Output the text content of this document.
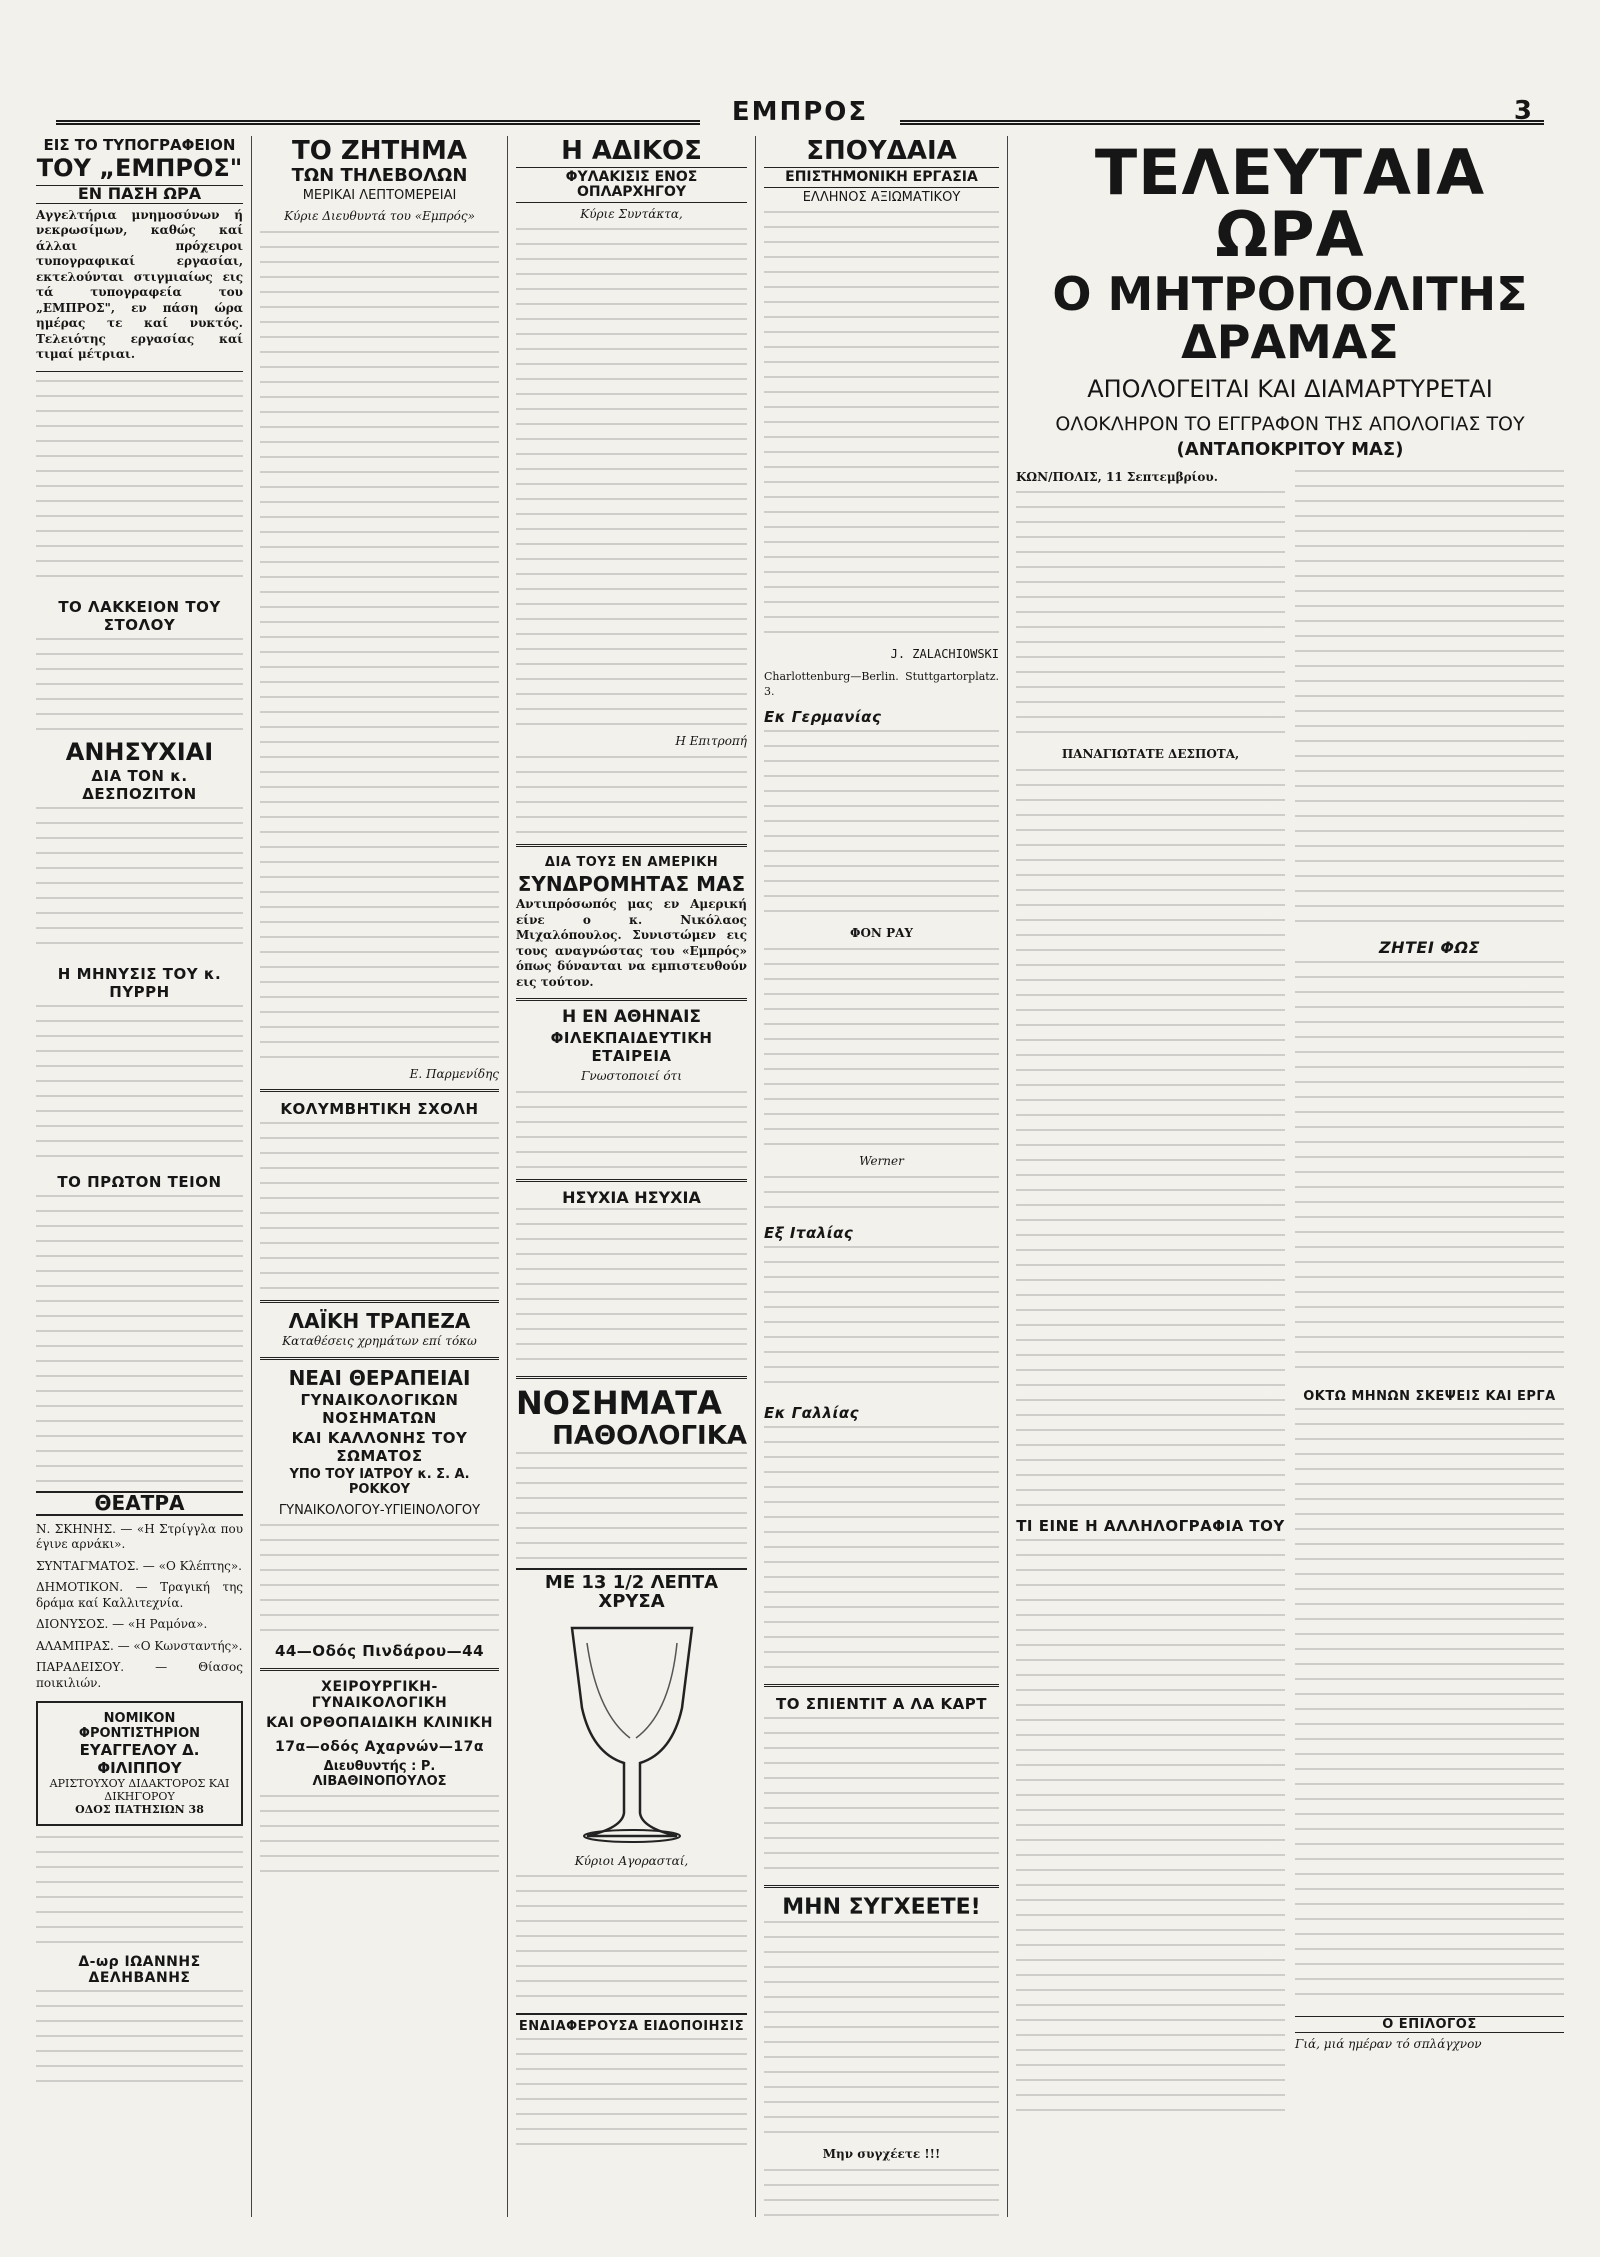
ΕΜΠΡΟΣ	3
ΕΙΣ ΤΟ ΤΥΠΟΓΡΑΦΕΙΟΝ
ΤΟΥ „ΕΜΠΡΟΣ"
ΕΝ ΠΑΣΗ ΩΡΑ

Αγγελτήρια μνημοσύνων ή νεκρωσίμων, καθώς καί άλλαι πρόχειροι τυπογραφικαί εργασίαι, εκτελούνται στιγμιαίως εις τά τυπογραφεία του „ΕΜΠΡΟΣ", εν πάση ώρα ημέρας τε καί νυκτός. Τελειότης εργασίας καί τιμαί μέτριαι.

ΤΟ ΛΑΚΚΕΙΟΝ ΤΟΥ ΣΤΟΛΟΥ
ΑΝΗΣΥΧΙΑΙ
ΔΙΑ ΤΟΝ κ. ΔΕΣΠΟΖΙΤΟΝ
Η ΜΗΝΥΣΙΣ ΤΟΥ κ. ΠΥΡΡΗ
ΤΟ ΠΡΩΤΟΝ ΤΕΙΟΝ
ΘΕΑΤΡΑ

Ν. ΣΚΗΝΗΣ. — «Η Στρίγγλα που έγινε αρνάκι».

ΣΥΝΤΑΓΜΑΤΟΣ. — «Ο Κλέπτης».

ΔΗΜΟΤΙΚΟΝ. — Τραγική της δράμα καί Καλλιτεχνία.

ΔΙΟΝΥΣΟΣ. — «Η Ραμόνα».

ΑΛΑΜΠΡΑΣ. — «Ο Κωνσταντής».

ΠΑΡΑΔΕΙΣΟΥ. — Θίασος ποικιλιών.

ΝΟΜΙΚΟΝ ΦΡΟΝΤΙΣΤΗΡΙΟΝ
ΕΥΑΓΓΕΛΟΥ Δ. ΦΙΛΙΠΠΟΥ
ΑΡΙΣΤΟΥΧΟΥ ΔΙΔΑΚΤΟΡΟΣ ΚΑΙ ΔΙΚΗΓΟΡΟΥ
ΟΔΟΣ ΠΑΤΗΣΙΩΝ 38
Δ-ωρ ΙΩΑΝΝΗΣ ΔΕΛΗΒΑΝΗΣ
ΤΟ ΖΗΤΗΜΑ
ΤΩΝ ΤΗΛΕΒΟΛΩΝ
ΜΕΡΙΚΑΙ ΛΕΠΤΟΜΕΡΕΙΑΙ

Κύριε Διευθυντά του «Εμπρός»

Ε. Παρμενίδης
ΚΟΛΥΜΒΗΤΙΚΗ ΣΧΟΛΗ
ΛΑΪΚΗ ΤΡΑΠΕΖΑ

Καταθέσεις χρημάτων επί τόκω

ΝΕΑΙ ΘΕΡΑΠΕΙΑΙ
ΓΥΝΑΙΚΟΛΟΓΙΚΩΝ ΝΟΣΗΜΑΤΩΝ
ΚΑΙ ΚΑΛΛΟΝΗΣ ΤΟΥ ΣΩΜΑΤΟΣ
ΥΠΟ ΤΟΥ ΙΑΤΡΟΥ κ. Σ. Α. ΡΟΚΚΟΥ
ΓΥΝΑΙΚΟΛΟΓΟΥ-ΥΓΙΕΙΝΟΛΟΓΟΥ
44—Οδός Πινδάρου—44
ΧΕΙΡΟΥΡΓΙΚΗ-ΓΥΝΑΙΚΟΛΟΓΙΚΗ
ΚΑΙ ΟΡΘΟΠΑΙΔΙΚΗ ΚΛΙΝΙΚΗ
17α—οδός Αχαρνών—17α
Διευθυντής : Ρ. ΛΙΒΑΘΙΝΟΠΟΥΛΟΣ
Η ΑΔΙΚΟΣ
ΦΥΛΑΚΙΣΙΣ ΕΝΟΣ ΟΠΛΑΡΧΗΓΟΥ

Κύριε Συντάκτα,

Η Επιτροπή
ΔΙΑ ΤΟΥΣ ΕΝ ΑΜΕΡΙΚΗ
ΣΥΝΔΡΟΜΗΤΑΣ ΜΑΣ

Αντιπρόσωπός μας εν Αμερική είνε ο κ. Νικόλαος Μιχαλόπουλος. Συνιστώμεν εις τους αναγνώστας του «Εμπρός» όπως δύνανται να εμπιστευθούν εις τούτον.

Η ΕΝ ΑΘΗΝΑΙΣ
ΦΙΛΕΚΠΑΙΔΕΥΤΙΚΗ ΕΤΑΙΡΕΙΑ

Γνωστοποιεί ότι

ΗΣΥΧΙΑ ΗΣΥΧΙΑ
ΝΟΣΗΜΑΤΑ
ΠΑΘΟΛΟΓΙΚΑ
ΜΕ 13 1/2 ΛΕΠΤΑ ΧΡΥΣΑ

Κύριοι Αγορασταί,

ΕΝΔΙΑΦΕΡΟΥΣΑ ΕΙΔΟΠΟΙΗΣΙΣ
ΣΠΟΥΔΑΙΑ
ΕΠΙΣΤΗΜΟΝΙΚΗ ΕΡΓΑΣΙΑ
ΕΛΛΗΝΟΣ ΑΞΙΩΜΑΤΙΚΟΥ
J. ZALACHIOWSKI

Charlottenburg—Berlin. Stuttgartorplatz. 3.

Εκ Γερμανίας
ΦΟΝ ΡΑΥ
Werner
Εξ Ιταλίας
Εκ Γαλλίας
ΤΟ ΣΠΙΕΝΤΙΤ Α ΛΑ ΚΑΡΤ
ΜΗΝ ΣΥΓΧΕΕΤΕ!

Μην συγχέετε !!!

ΤΕΛΕΥΤΑΙΑ ΩΡΑ
Ο ΜΗΤΡΟΠΟΛΙΤΗΣ ΔΡΑΜΑΣ
ΑΠΟΛΟΓΕΙΤΑΙ ΚΑΙ ΔΙΑΜΑΡΤΥΡΕΤΑΙ
ΟΛΟΚΛΗΡΟΝ ΤΟ ΕΓΓΡΑΦΟΝ ΤΗΣ ΑΠΟΛΟΓΙΑΣ ΤΟΥ
(ΑΝΤΑΠΟΚΡΙΤΟΥ ΜΑΣ)

ΚΩΝ/ΠΟΛΙΣ, 11 Σεπτεμβρίου.

ΠΑΝΑΓΙΩΤΑΤΕ ΔΕΣΠΟΤΑ,

ΤΙ ΕΙΝΕ Η ΑΛΛΗΛΟΓΡΑΦΙΑ ΤΟΥ
ΖΗΤΕΙ ΦΩΣ
ΟΚΤΩ ΜΗΝΩΝ ΣΚΕΨΕΙΣ ΚΑΙ ΕΡΓΑ
Ο ΕΠΙΛΟΓΟΣ

Γιά, μιά ημέραν τό σπλάγχνον
